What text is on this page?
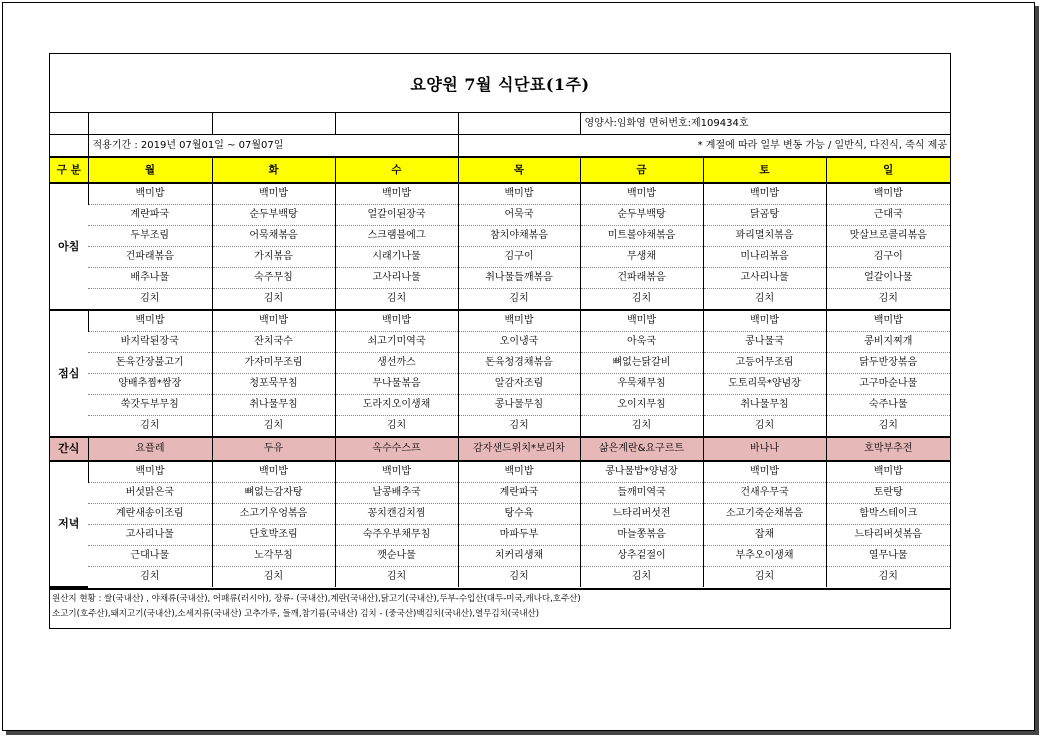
요양원 7월 식단표(1주)
					영양사:임화영 면허번호:제109434호		
	적용기간 : 2019년 07월01일 ~ 07월07일			* 계절에 따라 일부 변동 가능 / 일반식, 다진식, 죽식 제공			
구 분	월	화	수	목	금	토	일
아침	백미밥	백미밥	백미밥	백미밥	백미밥	백미밥	백미밥
	계란파국	순두부백탕	얼갈이된장국	어묵국	순두부백탕	닭곰탕	근대국
	두부조림	어묵채볶음	스크램블에그	참치야채볶음	미트볼야채볶음	꽈리멸치볶음	맛살브로콜리볶음
	건파래볶음	가지볶음	시래기나물	김구이	무생채	미나리볶음	김구이
	배추나물	숙주무침	고사리나물	취나물들깨볶음	건파래볶음	고사리나물	얼갈이나물
	김치	김치	김치	김치	김치	김치	김치
점심	백미밥	백미밥	백미밥	백미밥	백미밥	백미밥	백미밥
	바지락된장국	잔치국수	쇠고기미역국	오이냉국	아욱국	콩나물국	콩비지찌개
	돈육간장불고기	가자미무조림	생선까스	돈육청경채볶음	뼈없는닭갈비	고등어무조림	닭두반장볶음
	양배추찜*쌈장	청포묵무침	무나물볶음	알감자조림	우묵채무침	도토리묵*양념장	고구마순나물
	쑥갓두부무침	취나물무침	도라지오이생채	콩나물무침	오이지무침	취나물무침	숙주나물
	김치	김치	김치	김치	김치	김치	김치
간식	요플레	두유	옥수수스프	감자샌드위치*보리차	삶은계란&요구르트	바나나	호박부추전
저녁	백미밥	백미밥	백미밥	백미밥	콩나물밥*양념장	백미밥	백미밥
	버섯맑은국	뼈없는감자탕	날콩배추국	계란파국	들깨미역국	건새우무국	토란탕
	계란새송이조림	소고기우엉볶음	꽁치캔김치찜	탕수육	느타리버섯전	소고기죽순채볶음	함박스테이크
	고사리나물	단호박조림	숙주우부채무침	마파두부	마늘쫑볶음	잡채	느타리버섯볶음
	근대나물	노각무침	깻순나물	치커리생채	상추겉절이	부추오이생채	열무나물
	김치	김치	김치	김치	김치	김치	김치
원산지 현황 : 쌀(국내산) , 야채류(국내산), 어패류(러시아), 장류- (국내산),계란(국내산),닭고기(국내산),두부-수입산(대두-미국,캐나다,호주산)
소고기(호주산),돼지고기(국내산),소세지류(국내산) 고추가루, 들깨,참기름(국내산) 김치 - (중국산)백김치(국내산),열무김치(국내산)
